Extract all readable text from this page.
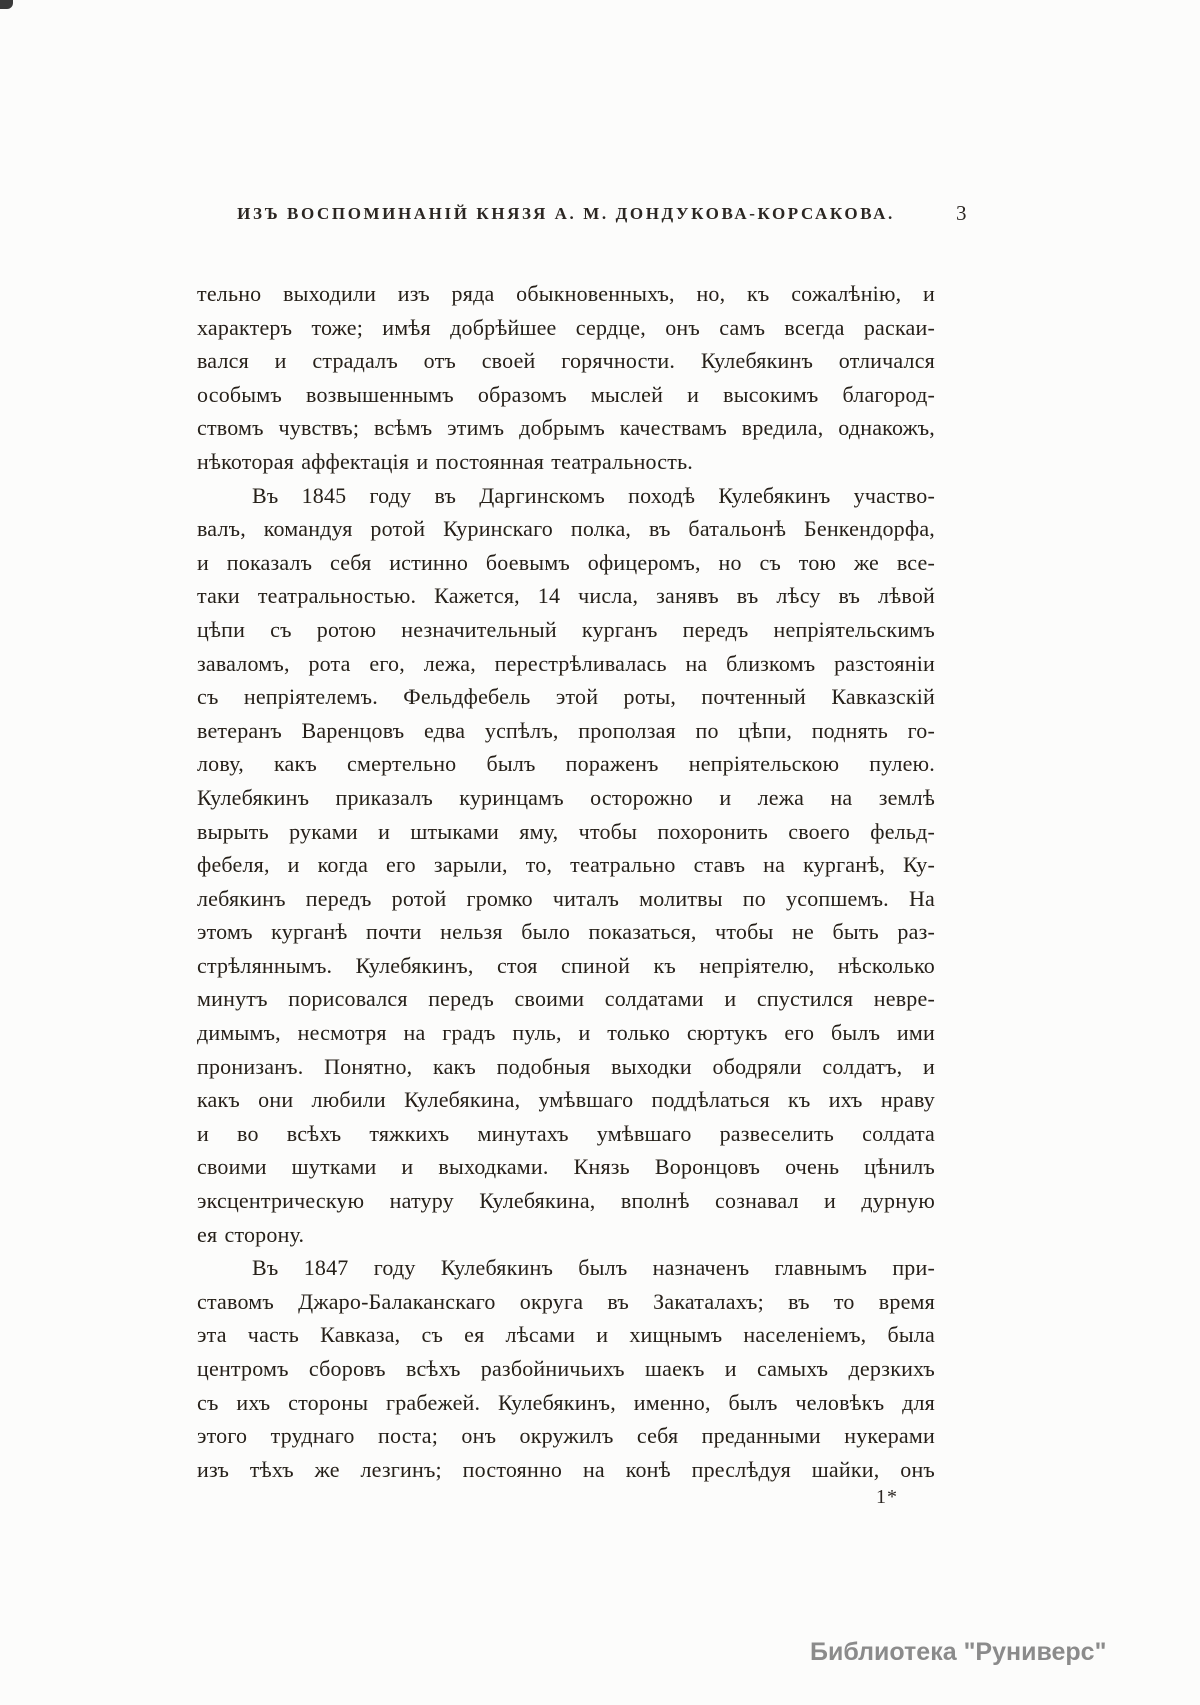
ИЗЪ ВОСПОМИНАНІЙ КНЯЗЯ А. М. ДОНДУКОВА-КОРСАКОВА.	3
тельно выходили изъ ряда обыкновенныхъ, но, къ сожалѣнію, и
характеръ тоже; имѣя добрѣйшее сердце, онъ самъ всегда раскаи-
вался и страдалъ отъ своей горячности. Кулебякинъ отличался
особымъ возвышеннымъ образомъ мыслей и высокимъ благород-
ствомъ чувствъ; всѣмъ этимъ добрымъ качествамъ вредила, однакожъ,
нѣкоторая аффектація и постоянная театральность.
Въ 1845 году въ Даргинскомъ походѣ Кулебякинъ участво-
валъ, командуя ротой Куринскаго полка, въ батальонѣ Бенкендорфа,
и показалъ себя истинно боевымъ офицеромъ, но съ тою же все-
таки театральностью. Кажется, 14 числа, занявъ въ лѣсу въ лѣвой
цѣпи съ ротою незначительный курганъ передъ непріятельскимъ
заваломъ, рота его, лежа, перестрѣливалась на близкомъ разстояніи
съ непріятелемъ. Фельдфебель этой роты, почтенный Кавказскій
ветеранъ Варенцовъ едва успѣлъ, проползая по цѣпи, поднять го-
лову, какъ смертельно былъ пораженъ непріятельскою пулею.
Кулебякинъ приказалъ куринцамъ осторожно и лежа на землѣ
вырыть руками и штыками яму, чтобы похоронить своего фельд-
фебеля, и когда его зарыли, то, театрально ставъ на курганѣ, Ку-
лебякинъ передъ ротой громко читалъ молитвы по усопшемъ. На
этомъ курганѣ почти нельзя было показаться, чтобы не быть раз-
стрѣляннымъ. Кулебякинъ, стоя спиной къ непріятелю, нѣсколько
минутъ порисовался передъ своими солдатами и спустился невре-
димымъ, несмотря на градъ пуль, и только сюртукъ его былъ ими
пронизанъ. Понятно, какъ подобныя выходки ободряли солдатъ, и
какъ они любили Кулебякина, умѣвшаго поддѣлаться къ ихъ нраву
и во всѣхъ тяжкихъ минутахъ умѣвшаго развеселить солдата
своими шутками и выходками. Князь Воронцовъ очень цѣнилъ
эксцентрическую натуру Кулебякина, вполнѣ сознавал и дурную
ея сторону.
Въ 1847 году Кулебякинъ былъ назначенъ главнымъ при-
ставомъ Джаро-Балаканскаго округа въ Закаталахъ; въ то время
эта часть Кавказа, съ ея лѣсами и хищнымъ населеніемъ, была
центромъ сборовъ всѣхъ разбойничьихъ шаекъ и самыхъ дерзкихъ
съ ихъ стороны грабежей. Кулебякинъ, именно, былъ человѣкъ для
этого труднаго поста; онъ окружилъ себя преданными нукерами
изъ тѣхъ же лезгинъ; постоянно на конѣ преслѣдуя шайки, онъ
1*
Библиотека "Руниверс"
